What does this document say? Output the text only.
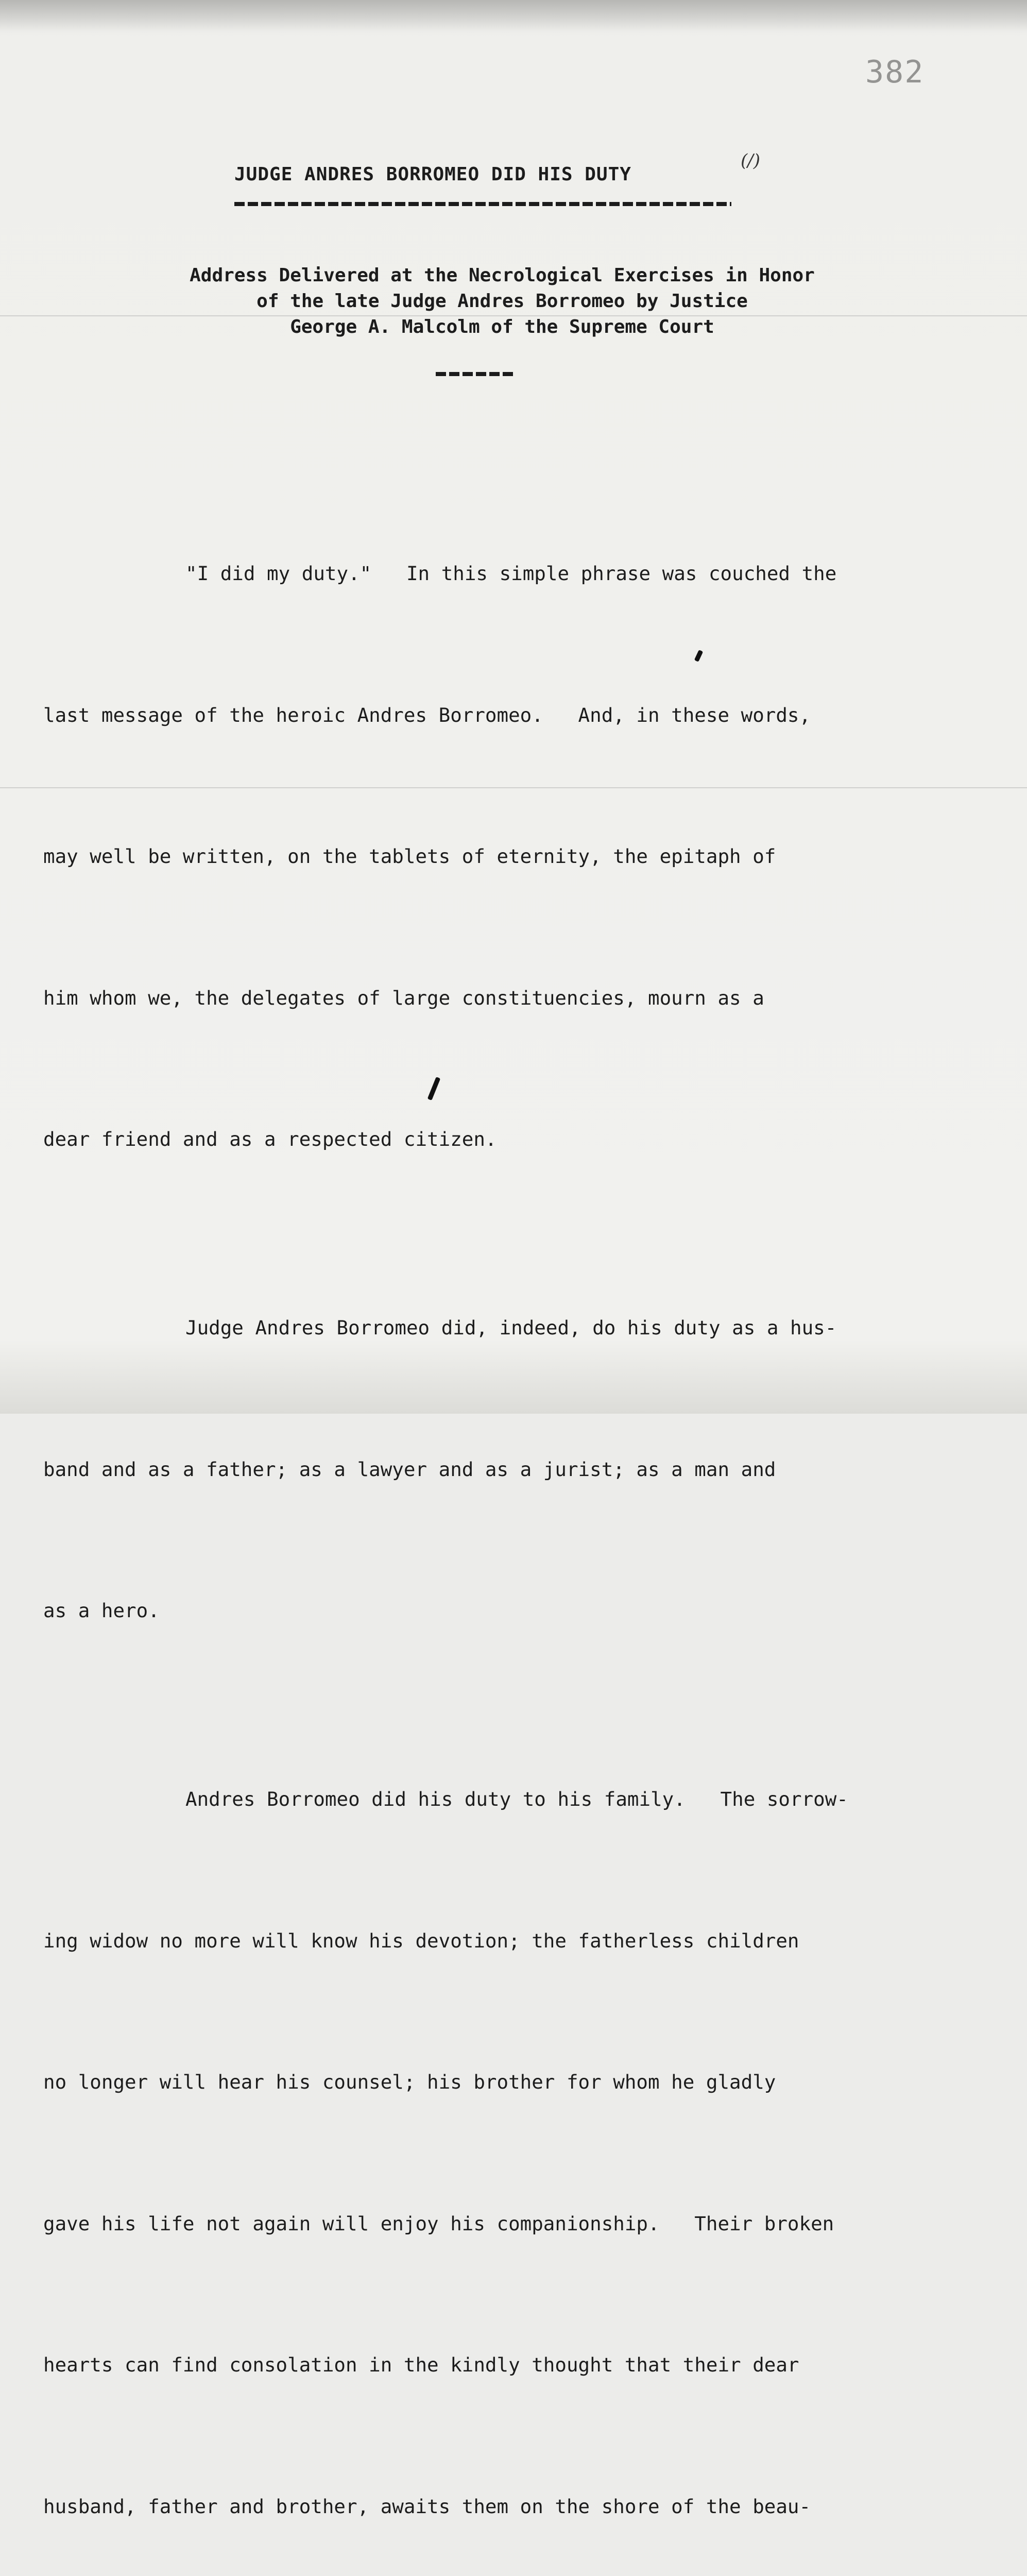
382
JUDGE ANDRES BORROMEO DID HIS DUTY
(/)
Address Delivered at the Necrological Exercises in Honor
of the late Judge Andres Borromeo by Justice
George A. Malcolm of the Supreme Court

"I did my duty."   In this simple phrase was couched the

last message of the heroic Andres Borromeo.   And, in these words,

may well be written, on the tablets of eternity, the epitaph of

him whom we, the delegates of large constituencies, mourn as a

dear friend and as a respected citizen.

Judge Andres Borromeo did, indeed, do his duty as a hus-

band and as a father; as a lawyer and as a jurist; as a man and

as a hero.

Andres Borromeo did his duty to his family.   The sorrow-

ing widow no more will know his devotion; the fatherless children

no longer will hear his counsel; his brother for whom he gladly

gave his life not again will enjoy his companionship.   Their broken

hearts can find consolation in the kindly thought that their dear

husband, father and brother, awaits them on the shore of the beau-
